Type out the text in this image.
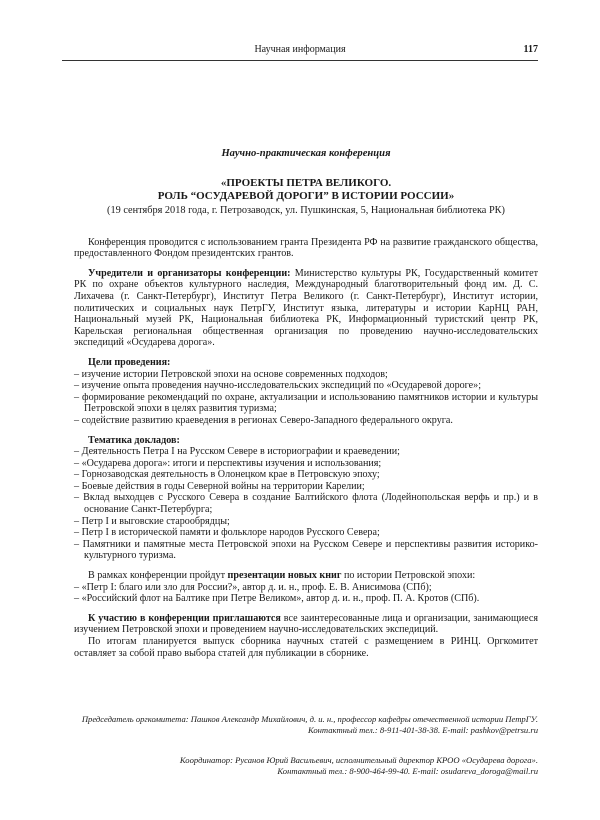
Научная информация	117
Научно-практическая конференция
«ПРОЕКТЫ ПЕТРА ВЕЛИКОГО.
РОЛЬ “ОСУДАРЕВОЙ ДОРОГИ” В ИСТОРИИ РОССИИ»
(19 сентября 2018 года, г. Петрозаводск, ул. Пушкинская, 5, Национальная библиотека РК)

Конференция проводится с использованием гранта Президента РФ на развитие гражданского общества, предоставленного Фондом президентских грантов.

Учредители и организаторы конференции: Министерство культуры РК, Государственный комитет РК по охране объектов культурного наследия, Международный благотворительный фонд им. Д. С. Лихачева (г. Санкт-Петербург), Институт Петра Великого (г. Санкт-Петербург), Институт истории, политических и социальных наук ПетрГУ, Институт языка, литературы и истории КарНЦ РАН, Национальный музей РК, Национальная библиотека РК, Информационный туристский центр РК, Карельская региональная общественная организация по проведению научно-исследовательских экспедиций «Осударева дорога».

Цели проведения:
– изучение истории Петровской эпохи на основе современных подходов;
– изучение опыта проведения научно-исследовательских экспедиций по «Осударевой дороге»;
– формирование рекомендаций по охране, актуализации и использованию памятников истории и культуры Петровской эпохи в целях развития туризма;
– содействие развитию краеведения в регионах Северо-Западного федерального округа.
Тематика докладов:
– Деятельность Петра I на Русском Севере в историографии и краеведении;
– «Осударева дорога»: итоги и перспективы изучения и использования;
– Горнозаводская деятельность в Олонецком крае в Петровскую эпоху;
– Боевые действия в годы Северной войны на территории Карелии;
– Вклад выходцев с Русского Севера в создание Балтийского флота (Лодейнопольская верфь и пр.) и в основание Санкт-Петербурга;
– Петр I и выговские старообрядцы;
– Петр I в исторической памяти и фольклоре народов Русского Севера;
– Памятники и памятные места Петровской эпохи на Русском Севере и перспективы развития историко-культурного туризма.

В рамках конференции пройдут презентации новых книг по истории Петровской эпохи:

– «Петр I: благо или зло для России?», автор д. и. н., проф. Е. В. Анисимова (СПб);
– «Российский флот на Балтике при Петре Великом», автор д. и. н., проф. П. А. Кротов (СПб).

К участию в конференции приглашаются все заинтересованные лица и организации, занимающиеся изучением Петровской эпохи и проведением научно-исследовательских экспедиций.

По итогам планируется выпуск сборника научных статей с размещением в РИНЦ. Оргкомитет оставляет за собой право выбора статей для публикации в сборнике.

Председатель оргкомитета: Пашков Александр Михайлович, д. и. н., профессор кафедры отечественной истории ПетрГУ.
Контактный тел.: 8-911-401-38-38. E-mail: pashkov@petrsu.ru
Координатор: Русанов Юрий Васильевич, исполнительный директор КРОО «Осударева дорога».
Контактный тел.: 8-900-464-99-40. E-mail: osudareva_doroga@mail.ru
